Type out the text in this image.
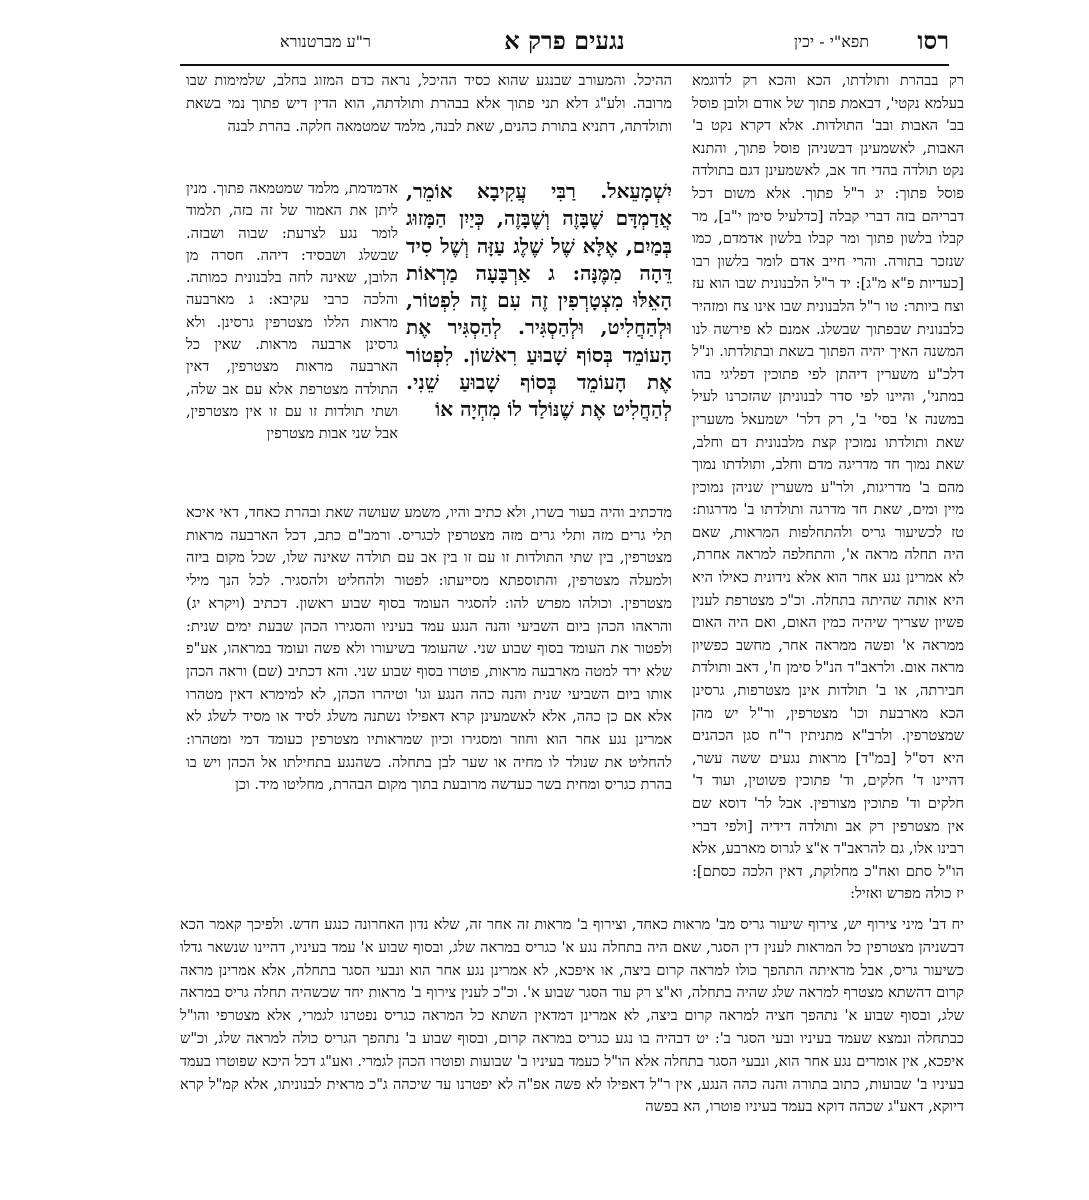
רסו
תפא"י - יכין
נגעים פרק א
ר"ע מברטנורא

רק בבהרת ותולדתו, הכא והכא רק לדוגמא בעלמא נקטי', דבאמת פתוך של אודם ולובן פוסל בב' האבות ובב' התולדות. אלא דקרא נקט ב' האבות, לאשמעינן דבשניהן פוסל פתוך, והתנא נקט תולדה בהדי חד אב, לאשמעינן דגם בתולדה פוסל פתוך: יג ר"ל פתוך. אלא משום דכל דבריהם בזה דברי קבלה [כדלעיל סימן י"ב], מר קבלו בלשון פתוך ומר קבלו בלשון אדמדם, כמו שנזכר בתורה. והרי חייב אדם לומר בלשון רבו [כעדיות פ"א מ"ג]: יד ר"ל הלבנונית שבו הוא עז וצח ביותר: טו ר"ל הלבנונית שבו אינו צח ומזהיר כלבנונית שבפתוך שבשלג. אמנם לא פירשה לנו המשנה האיך יהיה הפתוך בשאת ובתולדתו. ונ"ל דלכ"ע משערין דיהתן לפי פתוכין דפליגי בהו במתני', והיינו לפי סדר לבנוניתן שהזכרנו לעיל במשנה א' בסי' ב', רק דלר' ישמעאל משערין שאת ותולדתו נמוכין קצת מלבנונית דם וחלב, שאת נמוך חד מדריגה מדם וחלב, ותולדתו נמוך מהם ב' מדריגות, ולר"ע משערין שניהן נמוכין מיין ומים, שאת חד מדרגה ותולדתו ב' מדרגות: טז לכשיעור גריס ולהתחלפות המראות, שאם היה תחלה מראה א', והתחלפה למראה אחרת, לא אמרינן נגע אחר הוא אלא נידונית כאילו היא היא אותה שהיתה בתחלה. וכ"כ מצטרפת לענין פשיון שצריך שיהיה כמין האום, ואם היה האום ממראה א' ופשה ממראה אחר, מחשב כפשיון מראה אום. ולראב"ד הנ"ל סימן ח', דאב ותולדת חבירתה, או ב' תולדות אינן מצטרפות, גרסינן הכא מארבעת וכו' מצטרפין, ור"ל יש מהן שמצטרפין. ולרב"א מתניתין ר"ח סגן הכהנים היא דס"ל [במ"ד] מראות נגעים ששה עשר, דהיינו ד' חלקים, וד' פתוכין פשוטין, ועוד ד' חלקים וד' פתוכין מצורפין. אבל לר' דוסא שם אין מצטרפין רק אב ותולדה דידיה [ולפי דברי רבינו אלו, גם להראב"ד א"צ לגרוס מארבע, אלא הו"ל סתם ואח"כ מחלוקת, דאין הלכה כסתם]: יז כולה מפרש ואזיל:

ההיכל. והמעורב שבנגע שהוא כסיד ההיכל, נראה כדם המזוג בחלב, שלמימות שבו מרובה. ולע"ג דלא תני פתוך אלא בבהרת ותולדתה, הוא הדין דיש פתוך נמי בשאת ותולדתה, דתניא בתורת כהנים, שאת לבנה, מלמד שמטמאה חלקה. בהרת לבנה

יִשְׁמָעֵאל. רַבִּי עֲקִיבָא אוֹמֵר, אֲדַמְדָּם שֶׁבָּזֶה וְשֶׁבָּזֶה, כְּיַיִן הַמָּזוּג בְּמַיִם, אֶלָּא שֶׁל שֶׁלֶג עַזָּה וְשֶׁל סִיד דֵּהָה מִמֶּנָּה: ג אַרְבָּעָה מַרְאוֹת הָאֵלּוּ מִצְטָרְפִין זֶה עִם זֶה לִפְטוֹר, וּלְהַחֲלִיט, וּלְהַסְגִּיר. לְהַסְגִּיר אֶת הָעוֹמֵד בְּסוֹף שָׁבוּעַ רִאשׁוֹן. לִפְטוֹר אֶת הָעוֹמֵד בְּסוֹף שָׁבוּעַ שֵׁנִי. לְהַחֲלִיט אֶת שֶׁנּוֹלַד לוֹ מִחְיָה אוֹ

אדמדמת, מלמד שמטמאה פתוך. מנין ליתן את האמור של זה בזה, תלמוד לומר נגע לצרעת: שבוה ושבזה. שבשלג ושבסיד: דיהה. חסרה מן הלובן, שאינה לחה בלבנונית כמותה. והלכה כרבי עקיבא: ג מארבעה מראות הללו מצטרפין גרסינן. ולא גרסינן ארבעה מראות. שאין כל הארבעה מראות מצטרפין, דאין התולדה מצטרפת אלא עם אב שלה, ושתי תולדות זו עם זו אין מצטרפין, אבל שני אבות מצטרפין

מדכתיב והיה בעור בשרו, ולא כתיב והיו, משמע שעושה שאת ובהרת כאחד, דאי איכא תלי גרים מזה ותלי גרים מזה מצטרפין לכגריס. ורמב"ם כתב, דכל הארבעה מראות מצטרפין, בין שתי התולדות זו עם זו בין אב עם תולדה שאינה שלו, שכל מקום ביזה ולמעלה מצטרפין, והתוספתא מסייעתו: לפטור ולהחליט ולהסגיר. לכל הנך מילי מצטרפין. וכולהו מפרש להו: להסגיר העומד בסוף שבוע ראשון. דכתיב (ויקרא יג) והראהו הכהן ביום השביעי והנה הנגע עמד בעיניו והסגירו הכהן שבעת ימים שנית: ולפטור את העומד בסוף שבוע שני. שהעומד בשיעורו ולא פשה ועומד במראהו, אע"פ שלא ירד למטה מארבעה מראות, פוטרו בסוף שבוע שני. והא דכתיב (שם) וראה הכהן אותו ביום השביעי שנית והנה כהה הנגע וגו' וטיהרו הכהן, לא למימרא דאין מטהרו אלא אם כן כהה, אלא לאשמעינן קרא דאפילו נשתנה משלג לסיד או מסיד לשלג לא אמרינן נגע אחר הוא וחוזר ומסגירו וכיון שמראותיו מצטרפין כעומד דמי ומטהרו: להחליט את שנולד לו מחיה או שער לבן בתחלה. כשהנגע בתחילתו אל הכהן ויש בו בהרת כגריס ומחית בשר כעדשה מרובעת בתוך מקום הבהרת, מחליטו מיד. וכן

יח דב' מיני צירוף יש, צירוף שיעור גריס מב' מראות כאחד, וצירוף ב' מראות זה אחר זה, שלא נדון האחרונה כנגע חדש. ולפיכך קאמר הכא דבשניהן מצטרפין כל המראות לענין דין הסגר, שאם היה בתחלה נגע א' כגריס במראה שלג, ובסוף שבוע א' עמד בעיניו, דהיינו שנשאר גדלו כשיעור גריס, אבל מראיתה התהפך כולו למראה קרום ביצה, או איפכא, לא אמרינן נגע אחר הוא ונבעי הסגר בתחלה, אלא אמרינן מראה קרום דהשתא מצטרף למראה שלג שהיה בתחלה, וא"צ רק עוד הסגר שבוע א'. וכ"כ לענין צירוף ב' מראות יחד שכשהיה תחלה גריס במראה שלג, ובסוף שבוע א' נתהפך חציה למראה קרום ביצה, לא אמרינן דמדאין השתא כל המראה כגריס נפטרנו לגמרי, אלא מצטרפי והו"ל כבתחלה ונמצא שעמד בעיניו ובעי הסגר ב': יט דבהיה בו נגע כגריס במראה קרום, ובסוף שבוע ב' נתהפך הגריס כולה למראה שלג, וכ"ש איפכא, אין אומרים נגע אחר הוא, ונבעי הסגר בתחלה אלא הו"ל כעמד בעיניו ב' שבועות ופוטרו הכהן לגמרי. ואע"ג דכל היכא שפוטרו בעמד בעיניו ב' שבועות, כתוב בתורה והנה כהה הנגע, אין ר"ל דאפילו לא פשה אפ"ה לא יפטרנו עד שיכהה ג"כ מראית לבנוניתו, אלא קמ"ל קרא דיוקא, דאע"ג שכהה דוקא בעמד בעיניו פוטרו, הא בפשה
